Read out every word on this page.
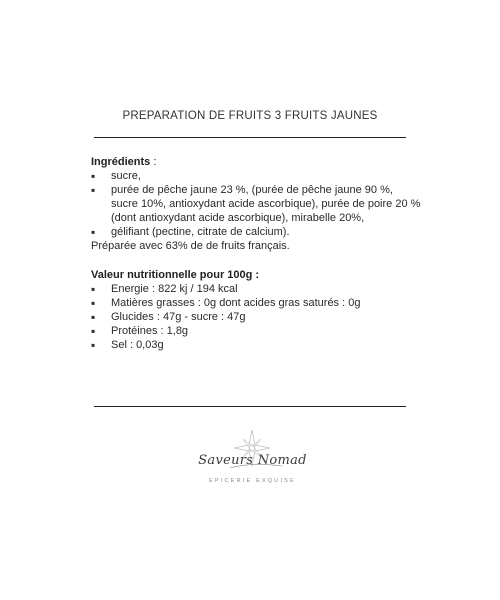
PREPARATION DE FRUITS 3 FRUITS JAUNES
Ingrédients :
▪ sucre,
▪ purée de pêche jaune 23 %, (purée de pêche jaune 90 %, sucre 10%, antioxydant acide ascorbique), purée de poire 20 % (dont antioxydant acide ascorbique), mirabelle 20%,
▪ gélifiant (pectine, citrate de calcium).
Préparée avec 63% de de fruits français.
Valeur nutritionnelle pour 100g :
▪ Energie : 822 kj / 194 kcal
▪ Matières grasses : 0g dont acides gras saturés : 0g
▪ Glucides : 47g - sucre : 47g
▪ Protéines : 1,8g
▪ Sel : 0,03g
Saveurs Nomad
EPICERIE EXQUISE
